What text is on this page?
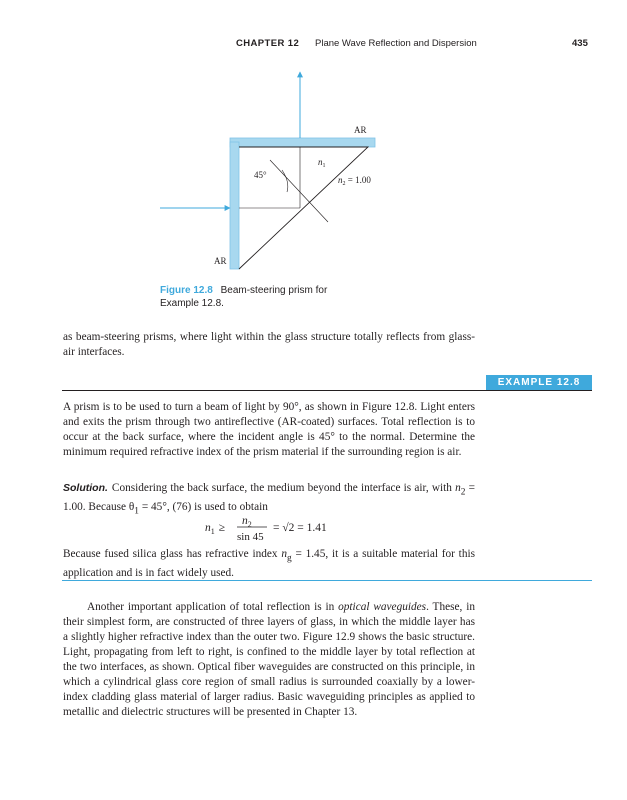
CHAPTER 12 Plane Wave Reflection and Dispersion	435
AR
AR
45°
$n_1$
$n_2 = 1.00$
Figure 12.8 Beam-steering prism for Example 12.8.
as beam-steering prisms, where light within the glass structure totally reflects from glass-air interfaces.
EXAMPLE 12.8
A prism is to be used to turn a beam of light by 90°, as shown in Figure 12.8. Light enters and exits the prism through two antireflective (AR-coated) surfaces. Total reflection is to occur at the back surface, where the incident angle is 45° to the normal. Determine the minimum required refractive index of the prism material if the surrounding region is air.
Solution. Considering the back surface, the medium beyond the interface is air, with $n_2 = 1.00$. Because $\theta_1 = 45^\circ$, (76) is used to obtain
$n_1$ ≥
$n_2$
sin 45
= √2 = 1.41
Because fused silica glass has refractive index $n_g = 1.45$, it is a suitable material for this application and is in fact widely used.
Another important application of total reflection is in optical waveguides. These, in their simplest form, are constructed of three layers of glass, in which the middle layer has a slightly higher refractive index than the outer two. Figure 12.9 shows the basic structure. Light, propagating from left to right, is confined to the middle layer by total reflection at the two interfaces, as shown. Optical fiber waveguides are constructed on this principle, in which a cylindrical glass core region of small radius is surrounded coaxially by a lower-index cladding glass material of larger radius. Basic waveguiding principles as applied to metallic and dielectric structures will be presented in Chapter 13.
